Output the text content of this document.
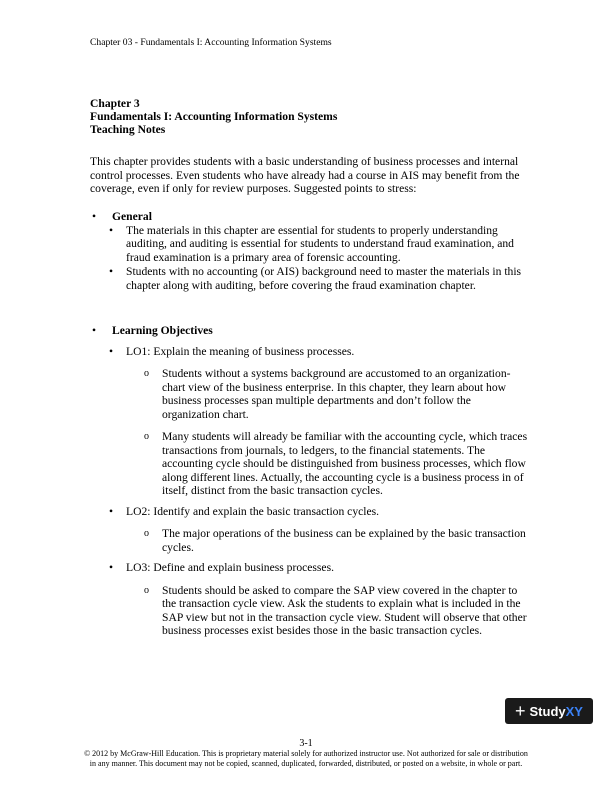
Chapter 03 - Fundamentals I: Accounting Information Systems
Chapter 3
Fundamentals I: Accounting Information Systems
Teaching Notes

This chapter provides students with a basic understanding of business processes and internal control processes. Even students who have already had a course in AIS may benefit from the coverage, even if only for review purposes. Suggested points to stress:

• General
• The materials in this chapter are essential for students to properly understanding auditing, and auditing is essential for students to understand fraud examination, and fraud examination is a primary area of forensic accounting.
• Students with no accounting (or AIS) background need to master the materials in this chapter along with auditing, before covering the fraud examination chapter.
• Learning Objectives
• LO1: Explain the meaning of business processes.
o Students without a systems background are accustomed to an organization-chart view of the business enterprise. In this chapter, they learn about how business processes span multiple departments and don’t follow the organization chart.
o Many students will already be familiar with the accounting cycle, which traces transactions from journals, to ledgers, to the financial statements. The accounting cycle should be distinguished from business processes, which flow along different lines. Actually, the accounting cycle is a business process in of itself, distinct from the basic transaction cycles.
• LO2: Identify and explain the basic transaction cycles.
o The major operations of the business can be explained by the basic transaction cycles.
• LO3: Define and explain business processes.
o Students should be asked to compare the SAP view covered in the chapter to the transaction cycle view. Ask the students to explain what is included in the SAP view but not in the transaction cycle view. Student will observe that other business processes exist besides those in the basic transaction cycles.
+ StudyXY
3-1
© 2012 by McGraw-Hill Education. This is proprietary material solely for authorized instructor use. Not authorized for sale or distribution in any manner. This document may not be copied, scanned, duplicated, forwarded, distributed, or posted on a website, in whole or part.
